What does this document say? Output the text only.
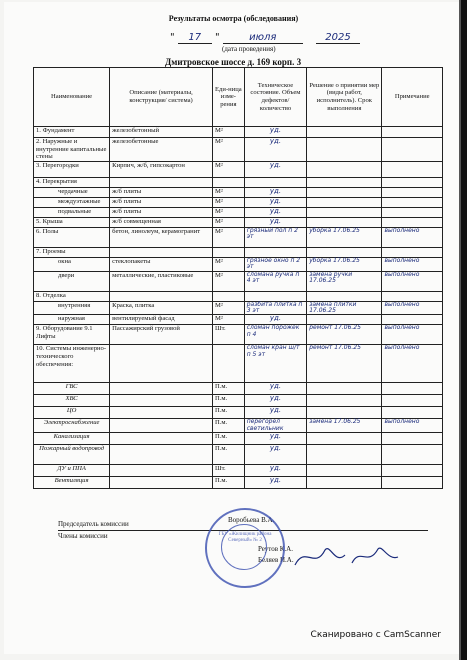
Результаты осмотра (обследования)
" 17 "	июля	2025
(дата проведения)
Дмитровское шоссе д. 169 корп. 3
Наименование	Описание (материалы, конструкция/ система)	Еди-ница изме-рения	Техническое состояние. Объем дефектов/ количество	Решение о принятии мер (виды работ, исполнитель). Срок выполнения	Примечание
1. Фундамент	железобетонный	М²	уд.		
2. Наружные и внутренние капитальные стены	железобетонные	М²	уд.		
3. Перегородки	Кирпич, ж/б, гипсокартон	М²	уд.		
4. Перекрытия					
чердачные	ж/б плиты	М²	уд.		
междуэтажные	ж/б плиты	М²	уд.		
подвальные	ж/б плиты	М²	уд.		
5. Крыша	ж/б совмещенная	М²	уд.		
6. Полы	бетон, линолеум, керамогранит	М²	грязный пол п 2 эт	уборка 17.06.25	выполнено
7. Проемы					
окна	стеклопакеты	М²	грязное окно п 2 эт	уборка 17.06.25	выполнено
двери	металлические, пластиковые	М²	сломана ручка п 4 эт	замена ручки 17.06.25	выполнено
8. Отделка					
внутренняя	Краска, плитка	М²	разбита плитка п 3 эт	замена плитки 17.06.25	выполнено
наружная	вентилируемый фасад	М²	уд.		
9. Оборудование 9.1 Лифты	Пассажирский грузовой	Шт.	сломан порожек п 4	ремонт 17.06.25	выполнено
10. Системы инженерно-технического обеспечения:			сломан кран ш/т п 5 эт	ремонт 17.06.25	выполнено
ГВС		П.м.	уд.		
ХВС		П.м.	уд.		
ЦО		П.м.	уд.		
Электроснабжение		П.м.	перегорел светильник	замена 17.06.25	выполнено
Канализация		П.м.	уд.		
Пожарный водопровод		П.м.	уд.		
ДУ и ППА		Шт.	уд.		
Вентиляция		П.м.	уд.		
Председатель комиссии	Воробьева В.А.
Члены комиссии
Реутов К.А.
Беляев И.А.
ГБУ «Жилищник района Северный» № 2
Сканировано с CamScanner
